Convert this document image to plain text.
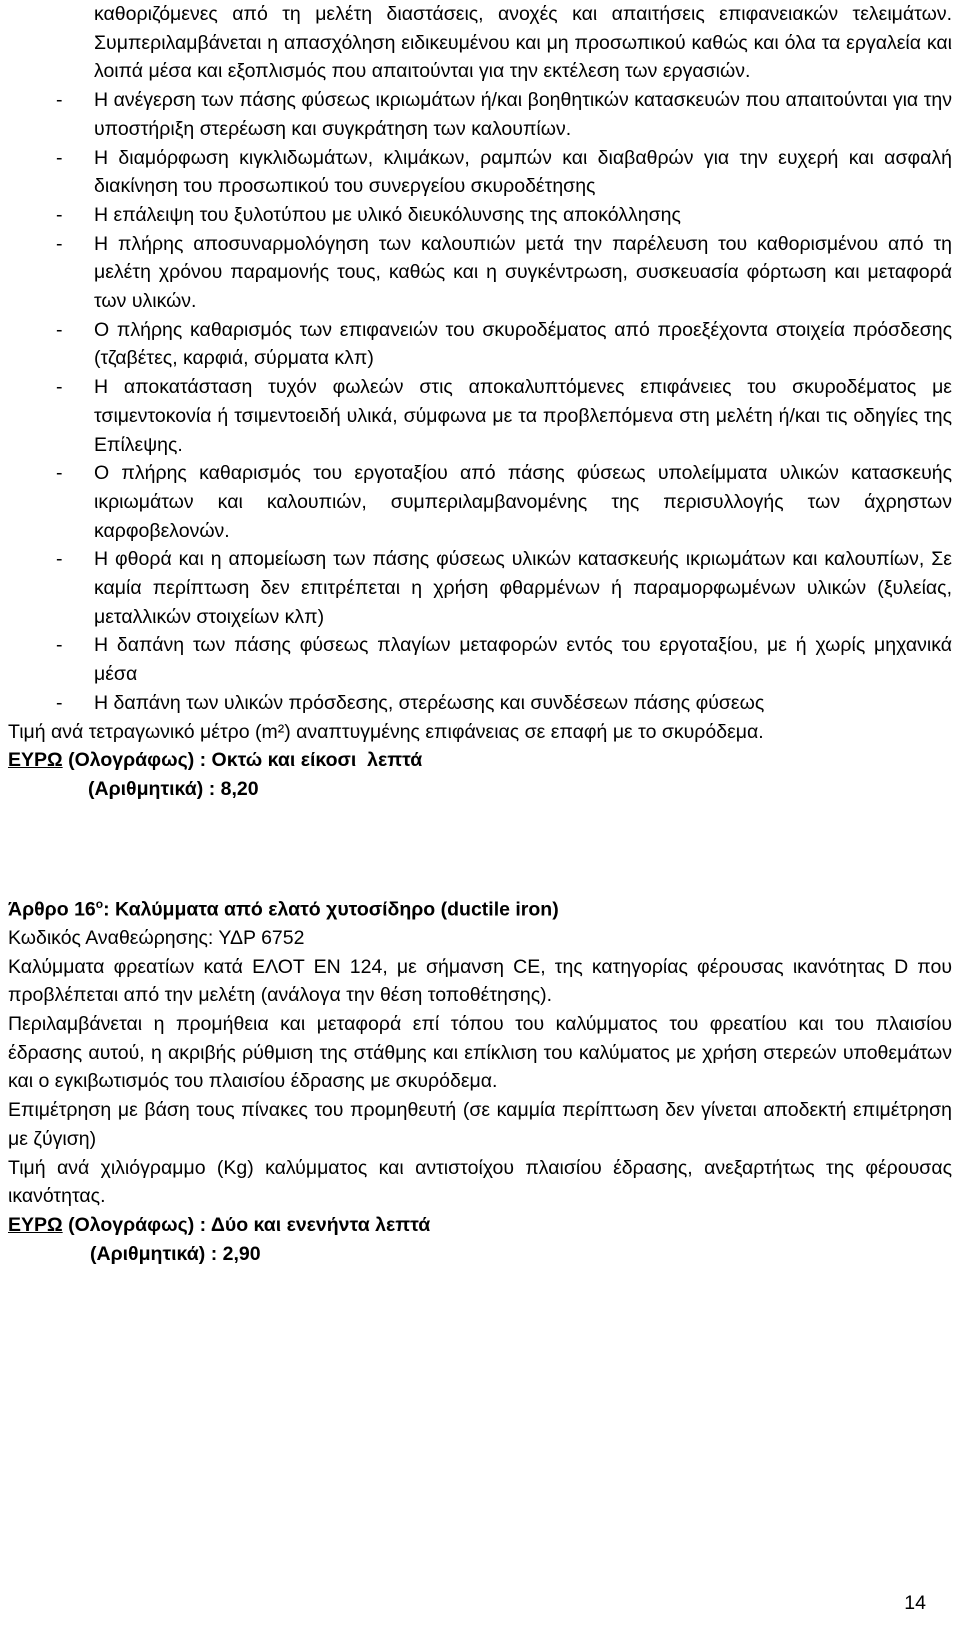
καθοριζόμενες από τη μελέτη διαστάσεις, ανοχές και απαιτήσεις επιφανειακών τελειμάτων. Συμπεριλαμβάνεται η απασχόληση ειδικευμένου και μη προσωπικού καθώς και όλα τα εργαλεία και λοιπά μέσα και εξοπλισμός που απαιτούνται για την εκτέλεση των εργασιών.

- Η ανέγερση των πάσης φύσεως ικριωμάτων ή/και βοηθητικών κατασκευών που απαιτούνται για την υποστήριξη στερέωση και συγκράτηση των καλουπίων.
- Η διαμόρφωση κιγκλιδωμάτων, κλιμάκων, ραμπών και διαβαθρών για την ευχερή και ασφαλή διακίνηση του προσωπικού του συνεργείου σκυροδέτησης
- Η επάλειψη του ξυλοτύπου με υλικό διευκόλυνσης της αποκόλλησης
- Η πλήρης αποσυναρμολόγηση των καλουπιών μετά την παρέλευση του καθορισμένου από τη μελέτη χρόνου παραμονής τους, καθώς και η συγκέντρωση, συσκευασία φόρτωση και μεταφορά των υλικών.
- Ο πλήρης καθαρισμός των επιφανειών του σκυροδέματος από προεξέχοντα στοιχεία πρόσδεσης (τζαβέτες, καρφιά, σύρματα κλπ)
- Η αποκατάσταση τυχόν φωλεών στις αποκαλυπτόμενες επιφάνειες του σκυροδέματος με τσιμεντοκονία ή τσιμεντοειδή υλικά, σύμφωνα με τα προβλεπόμενα στη μελέτη ή/και τις οδηγίες της Επίλεψης.
- Ο πλήρης καθαρισμός του εργοταξίου από πάσης φύσεως υπολείμματα υλικών κατασκευής ικριωμάτων και καλουπιών, συμπεριλαμβανομένης της περισυλλογής των άχρηστων καρφοβελονών.
- Η φθορά και η απομείωση των πάσης φύσεως υλικών κατασκευής ικριωμάτων και καλουπίων, Σε καμία περίπτωση δεν επιτρέπεται η χρήση φθαρμένων ή παραμορφωμένων υλικών (ξυλείας, μεταλλικών στοιχείων κλπ)
- Η δαπάνη των πάσης φύσεως πλαγίων μεταφορών εντός του εργοταξίου, με ή χωρίς μηχανικά μέσα
- Η δαπάνη των υλικών πρόσδεσης, στερέωσης και συνδέσεων πάσης φύσεως

Τιμή ανά τετραγωνικό μέτρο (m²) αναπτυγμένης επιφάνειας σε επαφή με το σκυρόδεμα.

ΕΥΡΩ (Ολογράφως) : Οκτώ και είκοσι  λεπτά
(Αριθμητικά) : 8,20
Άρθρο $16^o$: Καλύμματα από ελατό χυτοσίδηρο (ductile iron)

Κωδικός Αναθεώρησης: ΥΔΡ 6752

Καλύμματα φρεατίων κατά ΕΛΟΤ ΕΝ 124, με σήμανση CE, της κατηγορίας φέρουσας ικανότητας D που προβλέπεται από την μελέτη (ανάλογα την θέση τοποθέτησης).

Περιλαμβάνεται η προμήθεια και μεταφορά επί τόπου του καλύμματος του φρεατίου και του πλαισίου έδρασης αυτού, η ακριβής ρύθμιση της στάθμης και επίκλιση του καλύματος με χρήση στερεών υποθεμάτων και ο εγκιβωτισμός του πλαισίου έδρασης με σκυρόδεμα.

Επιμέτρηση με βάση τους πίνακες του προμηθευτή (σε καμμία περίπτωση δεν γίνεται αποδεκτή επιμέτρηση με ζύγιση)

Τιμή ανά χιλιόγραμμο (Kg) καλύμματος και αντιστοίχου πλαισίου έδρασης, ανεξαρτήτως της φέρουσας ικανότητας.

ΕΥΡΩ (Ολογράφως) : Δύο και ενενήντα λεπτά
(Αριθμητικά) : 2,90
14
